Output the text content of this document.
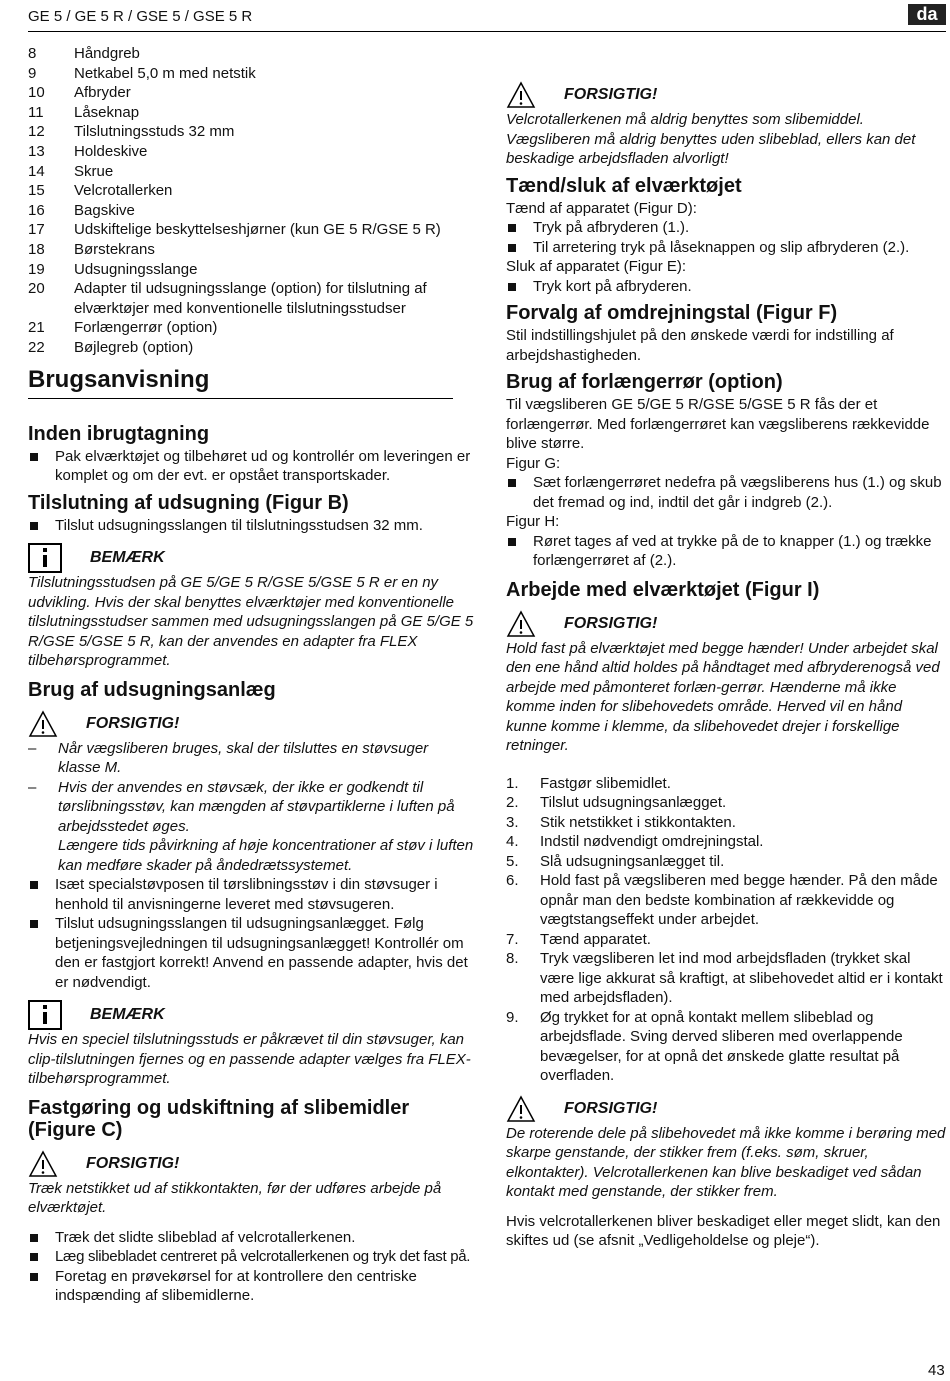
GE 5 / GE 5 R / GSE 5 / GSE 5 R	da
8	Håndgreb
9	Netkabel 5,0 m med netstik
10	Afbryder
11	Låseknap
12	Tilslutningsstuds 32 mm
13	Holdeskive
14	Skrue
15	Velcrotallerken
16	Bagskive
17	Udskiftelige beskyttelseshjørner (kun GE 5 R/GSE 5 R)
18	Børstekrans
19	Udsugningsslange
20	Adapter til udsugningsslange (option) for tilslutning af elværktøjer med konventionelle tilslutningsstudser
21	Forlængerrør (option)
22	Bøjlegreb (option)
Brugsanvisning
Inden ibrugtagning
Pak elværktøjet og tilbehøret ud og kontrollér om leveringen er komplet og om der evt. er opstået transportskader.
Tilslutning af udsugning (Figur B)
Tilslut udsugningsslangen til tilslutningsstudsen 32 mm.
BEMÆRK

Tilslutningsstudsen på GE 5/GE 5 R/GSE 5/GSE 5 R er en ny udvikling. Hvis der skal benyttes elværktøjer med konventionelle tilslutningsstudser sammen med udsugningsslangen på GE 5/GE 5 R/GSE 5/GSE 5 R, kan der anvendes en adapter fra FLEX tilbehørsprogrammet.

Brug af udsugningsanlæg
FORSIGTIG!
– Når vægsliberen bruges, skal der tilsluttes en støvsuger klasse M.
– Hvis der anvendes en støvsæk, der ikke er godkendt til tørslibningsstøv, kan mængden af støvpartiklerne i luften på arbejdsstedet øges.
Længere tids påvirkning af høje koncentrationer af støv i luften kan medføre skader på åndedrætssystemet.
Isæt specialstøvposen til tørslibningsstøv i din støvsuger i henhold til anvisningerne leveret med støvsugeren.
Tilslut udsugningsslangen til udsugningsanlægget. Følg betjeningsvejledningen til udsugningsanlægget! Kontrollér om den er fastgjort korrekt! Anvend en passende adapter, hvis det er nødvendigt.
BEMÆRK

Hvis en speciel tilslutningsstuds er påkrævet til din støvsuger, kan clip-tilslutningen fjernes og en passende adapter vælges fra FLEX-tilbehørsprogrammet.

Fastgøring og udskiftning af slibemidler (Figure C)
FORSIGTIG!

Træk netstikket ud af stikkontakten, før der udføres arbejde på elværktøjet.

Træk det slidte slibeblad af velcrotallerkenen.
Læg slibebladet centreret på velcrotallerkenen og tryk det fast på.
Foretag en prøvekørsel for at kontrollere den centriske indspænding af slibemidlerne.
FORSIGTIG!

Velcrotallerkenen må aldrig benyttes som slibemiddel. Vægsliberen må aldrig benyttes uden slibeblad, ellers kan det beskadige arbejdsfladen alvorligt!

Tænd/sluk af elværktøjet

Tænd af apparatet (Figur D):

Tryk på afbryderen (1.).
Til arretering tryk på låseknappen og slip afbryderen (2.).

Sluk af apparatet (Figur E):

Tryk kort på afbryderen.
Forvalg af omdrejningstal (Figur F)

Stil indstillingshjulet på den ønskede værdi for indstilling af arbejdshastigheden.

Brug af forlængerrør (option)

Til vægsliberen GE 5/GE 5 R/GSE 5/GSE 5 R fås der et forlængerrør. Med forlængerrøret kan vægsliberens rækkevidde blive større.

Figur G:

Sæt forlængerrøret nedefra på vægsliberens hus (1.) og skub det fremad og ind, indtil det går i indgreb (2.).

Figur H:

Røret tages af ved at trykke på de to knapper (1.) og trække forlængerrøret af (2.).
Arbejde med elværktøjet (Figur I)
FORSIGTIG!

Hold fast på elværktøjet med begge hænder! Under arbejdet skal den ene hånd altid holdes på håndtaget med afbryderenogså ved arbejde med påmonteret forlæn-gerrør. Hænderne må ikke komme inden for slibehovedets område. Herved vil en hånd kunne komme i klemme, da slibehovedet drejer i forskellige retninger.

1.	Fastgør slibemidlet.
2.	Tilslut udsugningsanlægget.
3.	Stik netstikket i stikkontakten.
4.	Indstil nødvendigt omdrejningstal.
5.	Slå udsugningsanlægget til.
6.	Hold fast på vægsliberen med begge hænder. På den måde opnår man den bedste kombination af rækkevidde og vægtstangseffekt under arbejdet.
7.	Tænd apparatet.
8.	Tryk vægsliberen let ind mod arbejdsfladen (trykket skal være lige akkurat så kraftigt, at slibehovedet altid er i kontakt med arbejdsfladen).
9.	Øg trykket for at opnå kontakt mellem slibeblad og arbejdsflade. Sving derved sliberen med overlappende bevægelser, for at opnå det ønskede glatte resultat på overfladen.
FORSIGTIG!

De roterende dele på slibehovedet må ikke komme i berøring med skarpe genstande, der stikker frem (f.eks. søm, skruer, elkontakter). Velcrotallerkenen kan blive beskadiget ved sådan kontakt med genstande, der stikker frem.

Hvis velcrotallerkenen bliver beskadiget eller meget slidt, kan den skiftes ud (se afsnit „Vedligeholdelse og pleje“).

43
